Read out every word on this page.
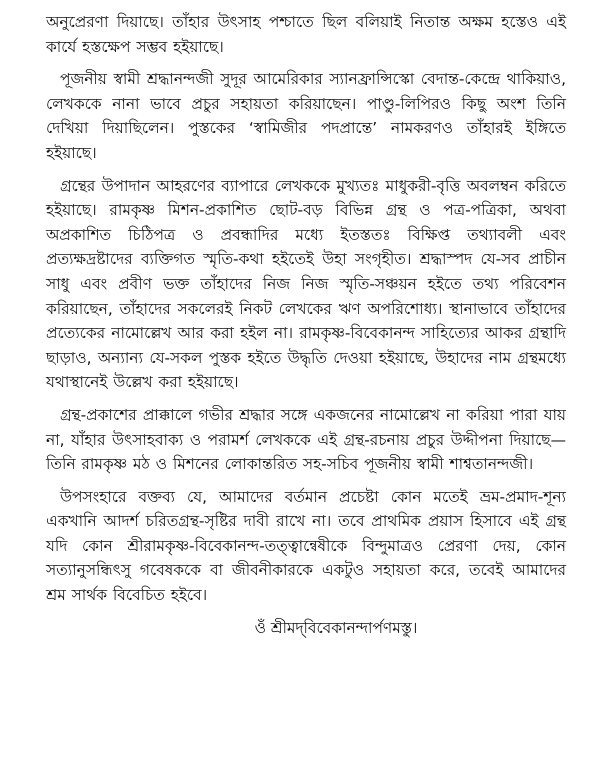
অনুপ্রেরণা দিয়াছে। তাঁহার উৎসাহ পশ্চাতে ছিল বলিয়াই নিতান্ত অক্ষম হস্তেও এই কার্যে হস্তক্ষেপ সম্ভব হইয়াছে।

পূজনীয় স্বামী শ্রদ্ধানন্দজী সুদূর আমেরিকার স্যানফ্রান্সিস্কো বেদান্ত-কেন্দ্রে থাকিয়াও, লেখককে নানা ভাবে প্রচুর সহায়তা করিয়াছেন। পাণ্ডু-লিপিরও কিছু অংশ তিনি দেখিয়া দিয়াছিলেন। পুস্তকের ‘স্বামিজীর পদপ্রান্তে’ নামকরণও তাঁহারই ইঙ্গিতে হইয়াছে।

গ্রন্থের উপাদান আহরণের ব্যাপারে লেখককে মুখ্যতঃ মাধুকরী-বৃত্তি অবলম্বন করিতে হইয়াছে। রামকৃষ্ণ মিশন-প্রকাশিত ছোট-বড় বিভিন্ন গ্রন্থ ও পত্র-পত্রিকা, অথবা অপ্রকাশিত চিঠিপত্র ও প্রবন্ধাদির মধ্যে ইতস্ততঃ বিক্ষিপ্ত তথ্যাবলী এবং প্রত্যক্ষদ্রষ্টাদের ব্যক্তিগত স্মৃতি-কথা হইতেই উহা সংগৃহীত। শ্রদ্ধাস্পদ যে-সব প্রাচীন সাধু এবং প্রবীণ ভক্ত তাঁহাদের নিজ নিজ স্মৃতি-সঞ্চয়ন হইতে তথ্য পরিবেশন করিয়াছেন, তাঁহাদের সকলেরই নিকট লেখকের ঋণ অপরিশোধ্য। স্থানাভাবে তাঁহাদের প্রত্যেকের নামোল্লেখ আর করা হইল না। রামকৃষ্ণ-বিবেকানন্দ সাহিত্যের আকর গ্রন্থাদি ছাড়াও, অন্যান্য যে-সকল পুস্তক হইতে উদ্ধৃতি দেওয়া হইয়াছে, উহাদের নাম গ্রন্থমধ্যে যথাস্থানেই উল্লেখ করা হইয়াছে।

গ্রন্থ-প্রকাশের প্রাক্কালে গভীর শ্রদ্ধার সঙ্গে একজনের নামোল্লেখ না করিয়া পারা যায় না, যাঁহার উৎসাহবাক্য ও পরামর্শ লেখককে এই গ্রন্থ-রচনায় প্রচুর উদ্দীপনা দিয়াছে—তিনি রামকৃষ্ণ মঠ ও মিশনের লোকান্তরিত সহ-সচিব পূজনীয় স্বামী শাশ্বতানন্দজী।

উপসংহারে বক্তব্য যে, আমাদের বর্তমান প্রচেষ্টা কোন মতেই ভ্রম-প্রমাদ-শূন্য একখানি আদর্শ চরিতগ্রন্থ-সৃষ্টির দাবী রাখে না। তবে প্রাথমিক প্রয়াস হিসাবে এই গ্রন্থ যদি কোন শ্রীরামকৃষ্ণ-বিবেকানন্দ-তত্ত্বান্বেষীকে বিন্দুমাত্রও প্রেরণা দেয়, কোন সত্যানুসন্ধিৎসু গবেষককে বা জীবনীকারকে একটুও সহায়তা করে, তবেই আমাদের শ্রম সার্থক বিবেচিত হইবে।

ওঁ শ্রীমদ্‌বিবেকানন্দার্পণমস্তু।
